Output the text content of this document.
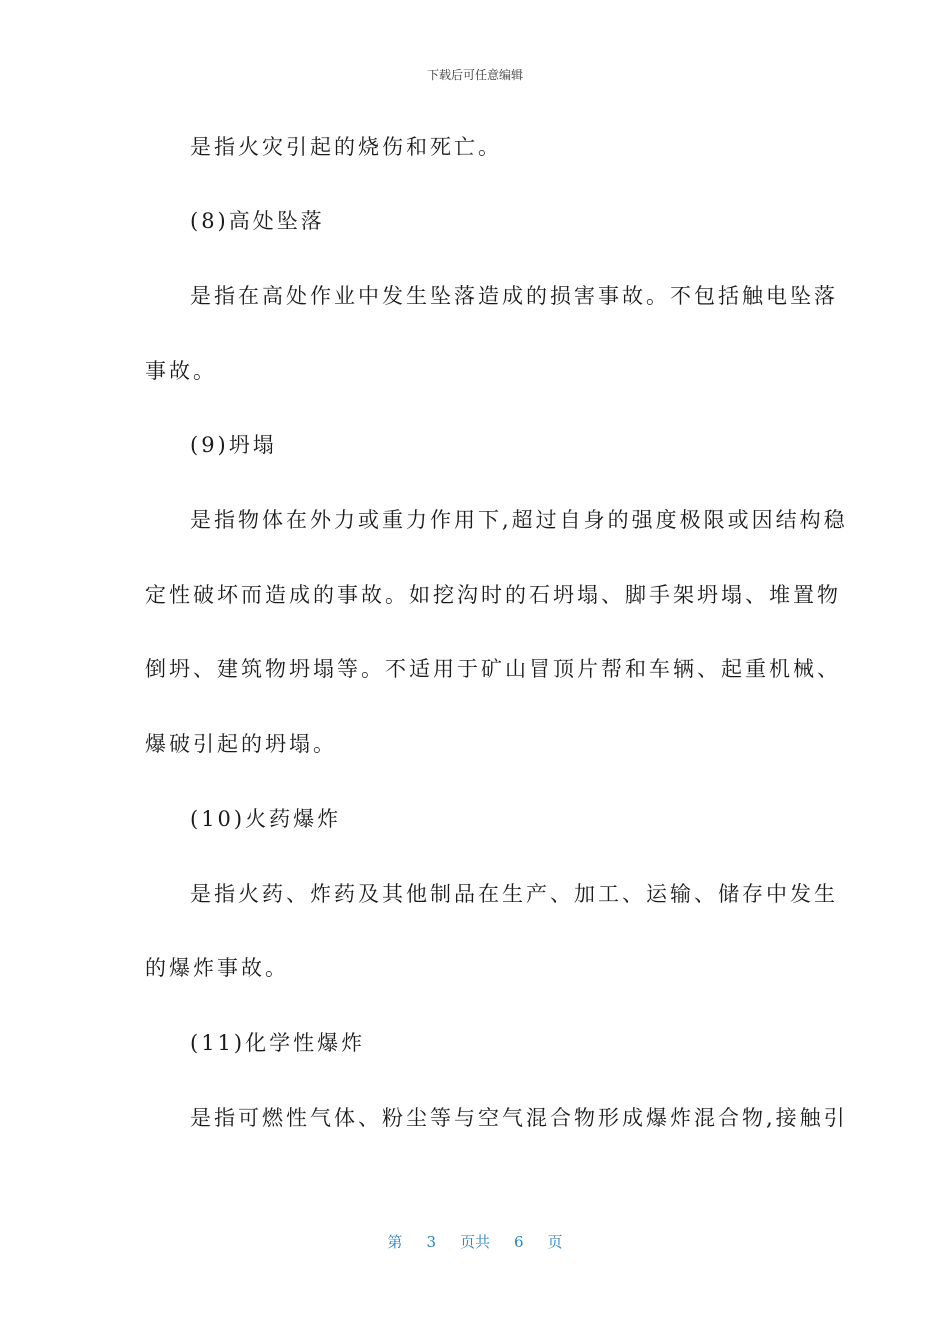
下载后可任意编辑
是指火灾引起的烧伤和死亡。
(8)高处坠落
是指在高处作业中发生坠落造成的损害事故。不包括触电坠落
事故。
(9)坍塌
是指物体在外力或重力作用下,超过自身的强度极限或因结构稳
定性破坏而造成的事故。如挖沟时的石坍塌、脚手架坍塌、堆置物
倒坍、建筑物坍塌等。不适用于矿山冒顶片帮和车辆、起重机械、
爆破引起的坍塌。
(10)火药爆炸
是指火药、炸药及其他制品在生产、加工、运输、储存中发生
的爆炸事故。
(11)化学性爆炸
是指可燃性气体、粉尘等与空气混合物形成爆炸混合物,接触引
第 3 页共 6 页
